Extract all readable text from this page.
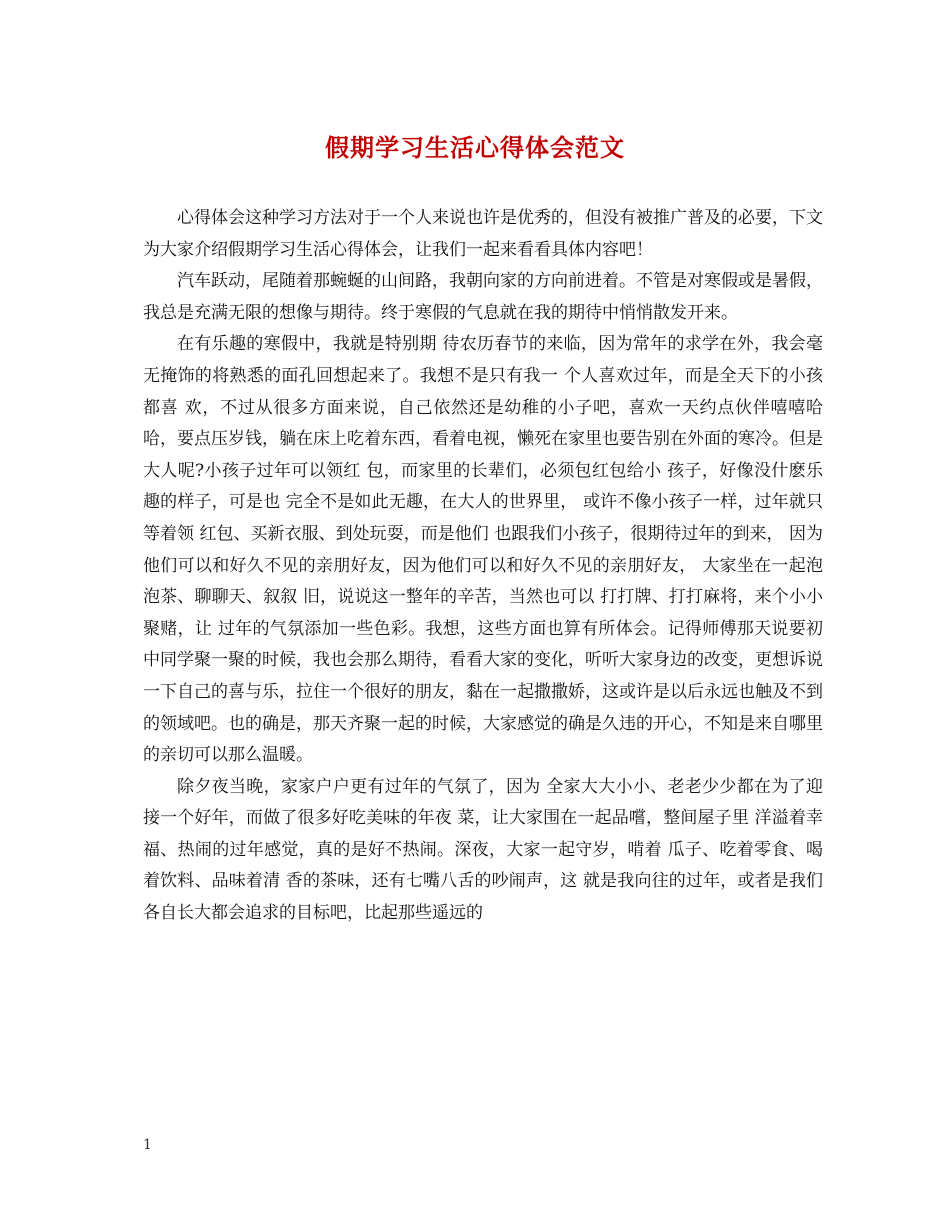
假期学习生活心得体会范文

心得体会这种学习方法对于一个人来说也许是优秀的，但没有被推广普及的必要，下文为大家介绍假期学习生活心得体会，让我们一起来看看具体内容吧！

汽车跃动，尾随着那蜿蜒的山间路，我朝向家的方向前进着。不管是对寒假或是暑假， 我总是充满无限的想像与期待。终于寒假的气息就在我的期待中悄悄散发开来。

在有乐趣的寒假中，我就是特别期 待农历春节的来临，因为常年的求学在外，我会毫无掩饰的将熟悉的面孔回想起来了。我想不是只有我一 个人喜欢过年，而是全天下的小孩都喜 欢，不过从很多方面来说，自己依然还是幼稚的小子吧，喜欢一天约点伙伴嘻嘻哈哈，要点压岁钱，躺在床上吃着东西，看着电视，懒死在家里也要告别在外面的寒冷。但是大人呢?小孩子过年可以领红 包，而家里的长辈们，必须包红包给小 孩子，好像没什麽乐趣的样子，可是也 完全不是如此无趣，在大人的世界里， 或许不像小孩子一样，过年就只等着领 红包、买新衣服、到处玩耍，而是他们 也跟我们小孩子，很期待过年的到来， 因为他们可以和好久不见的亲朋好友，因为他们可以和好久不见的亲朋好友， 大家坐在一起泡泡茶、聊聊天、叙叙 旧，说说这一整年的辛苦，当然也可以 打打牌、打打麻将，来个小小聚赌，让 过年的气氛添加一些色彩。我想，这些方面也算有所体会。记得师傅那天说要初中同学聚一聚的时候，我也会那么期待，看看大家的变化，听听大家身边的改变，更想诉说一下自己的喜与乐，拉住一个很好的朋友，黏在一起撒撒娇，这或许是以后永远也触及不到的领域吧。也的确是，那天齐聚一起的时候，大家感觉的确是久违的开心，不知是来自哪里的亲切可以那么温暖。

除夕夜当晚，家家户户更有过年的气氛了，因为 全家大大小小、老老少少都在为了迎接一个好年，而做了很多好吃美味的年夜 菜，让大家围在一起品嚐，整间屋子里 洋溢着幸福、热闹的过年感觉，真的是好不热闹。深夜，大家一起守岁，啃着 瓜子、吃着零食、喝着饮料、品味着清 香的茶味，还有七嘴八舌的吵闹声，这 就是我向往的过年，或者是我们各自长大都会追求的目标吧，比起那些遥远的

1
